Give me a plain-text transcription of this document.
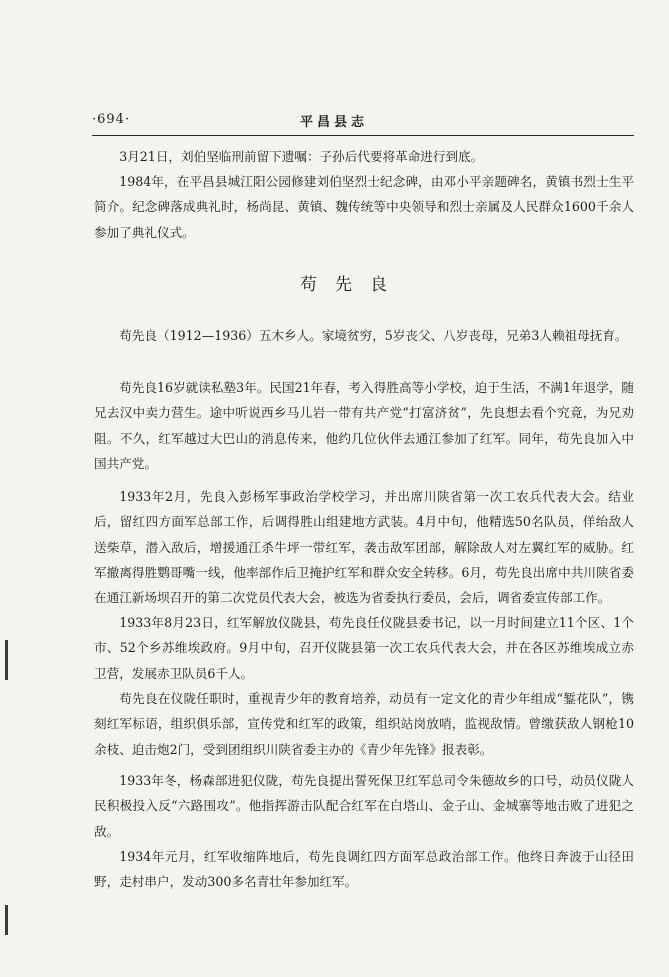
·694·	平昌县志

3月21日，刘伯坚临刑前留下遗嘱：子孙后代要将革命进行到底。

1984年，在平昌县城江阳公园修建刘伯坚烈士纪念碑，由邓小平亲题碑名，黄镇书烈士生平简介。纪念碑落成典礼时，杨尚昆、黄镇、魏传统等中央领导和烈士亲属及人民群众1600千余人参加了典礼仪式。

苟先良

苟先良（1912—1936）五木乡人。家境贫穷，5岁丧父、八岁丧母，兄弟3人赖祖母抚育。

苟先良16岁就读私塾3年。民国21年春，考入得胜高等小学校，迫于生活，不满1年退学，随兄去汉中卖力营生。途中听说西乡马儿岩一带有共产党“打富济贫”，先良想去看个究竟，为兄劝阻。不久，红军越过大巴山的消息传来，他约几位伙伴去通江参加了红军。同年，苟先良加入中国共产党。

1933年2月，先良入彭杨军事政治学校学习，并出席川陕省第一次工农兵代表大会。结业后，留红四方面军总部工作，后调得胜山组建地方武装。4月中旬，他精选50名队员，佯绐敌人送柴草，潜入敌后，增援通江杀牛坪一带红军，袭击敌军团部，解除敌人对左翼红军的威胁。红军撤离得胜鹦哥嘴一线，他率部作后卫掩护红军和群众安全转移。6月，苟先良出席中共川陕省委在通江新场坝召开的第二次党员代表大会，被选为省委执行委员，会后，调省委宣传部工作。

1933年8月23日，红军解放仪陇县，苟先良任仪陇县委书记，以一月时间建立11个区、1个市、52个乡苏维埃政府。9月中旬，召开仪陇县第一次工农兵代表大会，并在各区苏维埃成立赤卫营，发展赤卫队员6千人。

苟先良在仪陇任职时，重视青少年的教育培养，动员有一定文化的青少年组成“錾花队”，镌刻红军标语，组织俱乐部，宣传党和红军的政策，组织站岗放哨，监视敌情。曾缴获敌人钢枪10余枝、迫击炮2门，受到团组织川陕省委主办的《青少年先锋》报表彰。

1933年冬，杨森部进犯仪陇，苟先良提出誓死保卫红军总司令朱德故乡的口号，动员仪陇人民积极投入反“六路围攻”。他指挥游击队配合红军在白塔山、金子山、金城寨等地击败了进犯之敌。

1934年元月，红军收缩阵地后，苟先良调红四方面军总政治部工作。他终日奔波于山径田野，走村串户，发动300多名青壮年参加红军。
